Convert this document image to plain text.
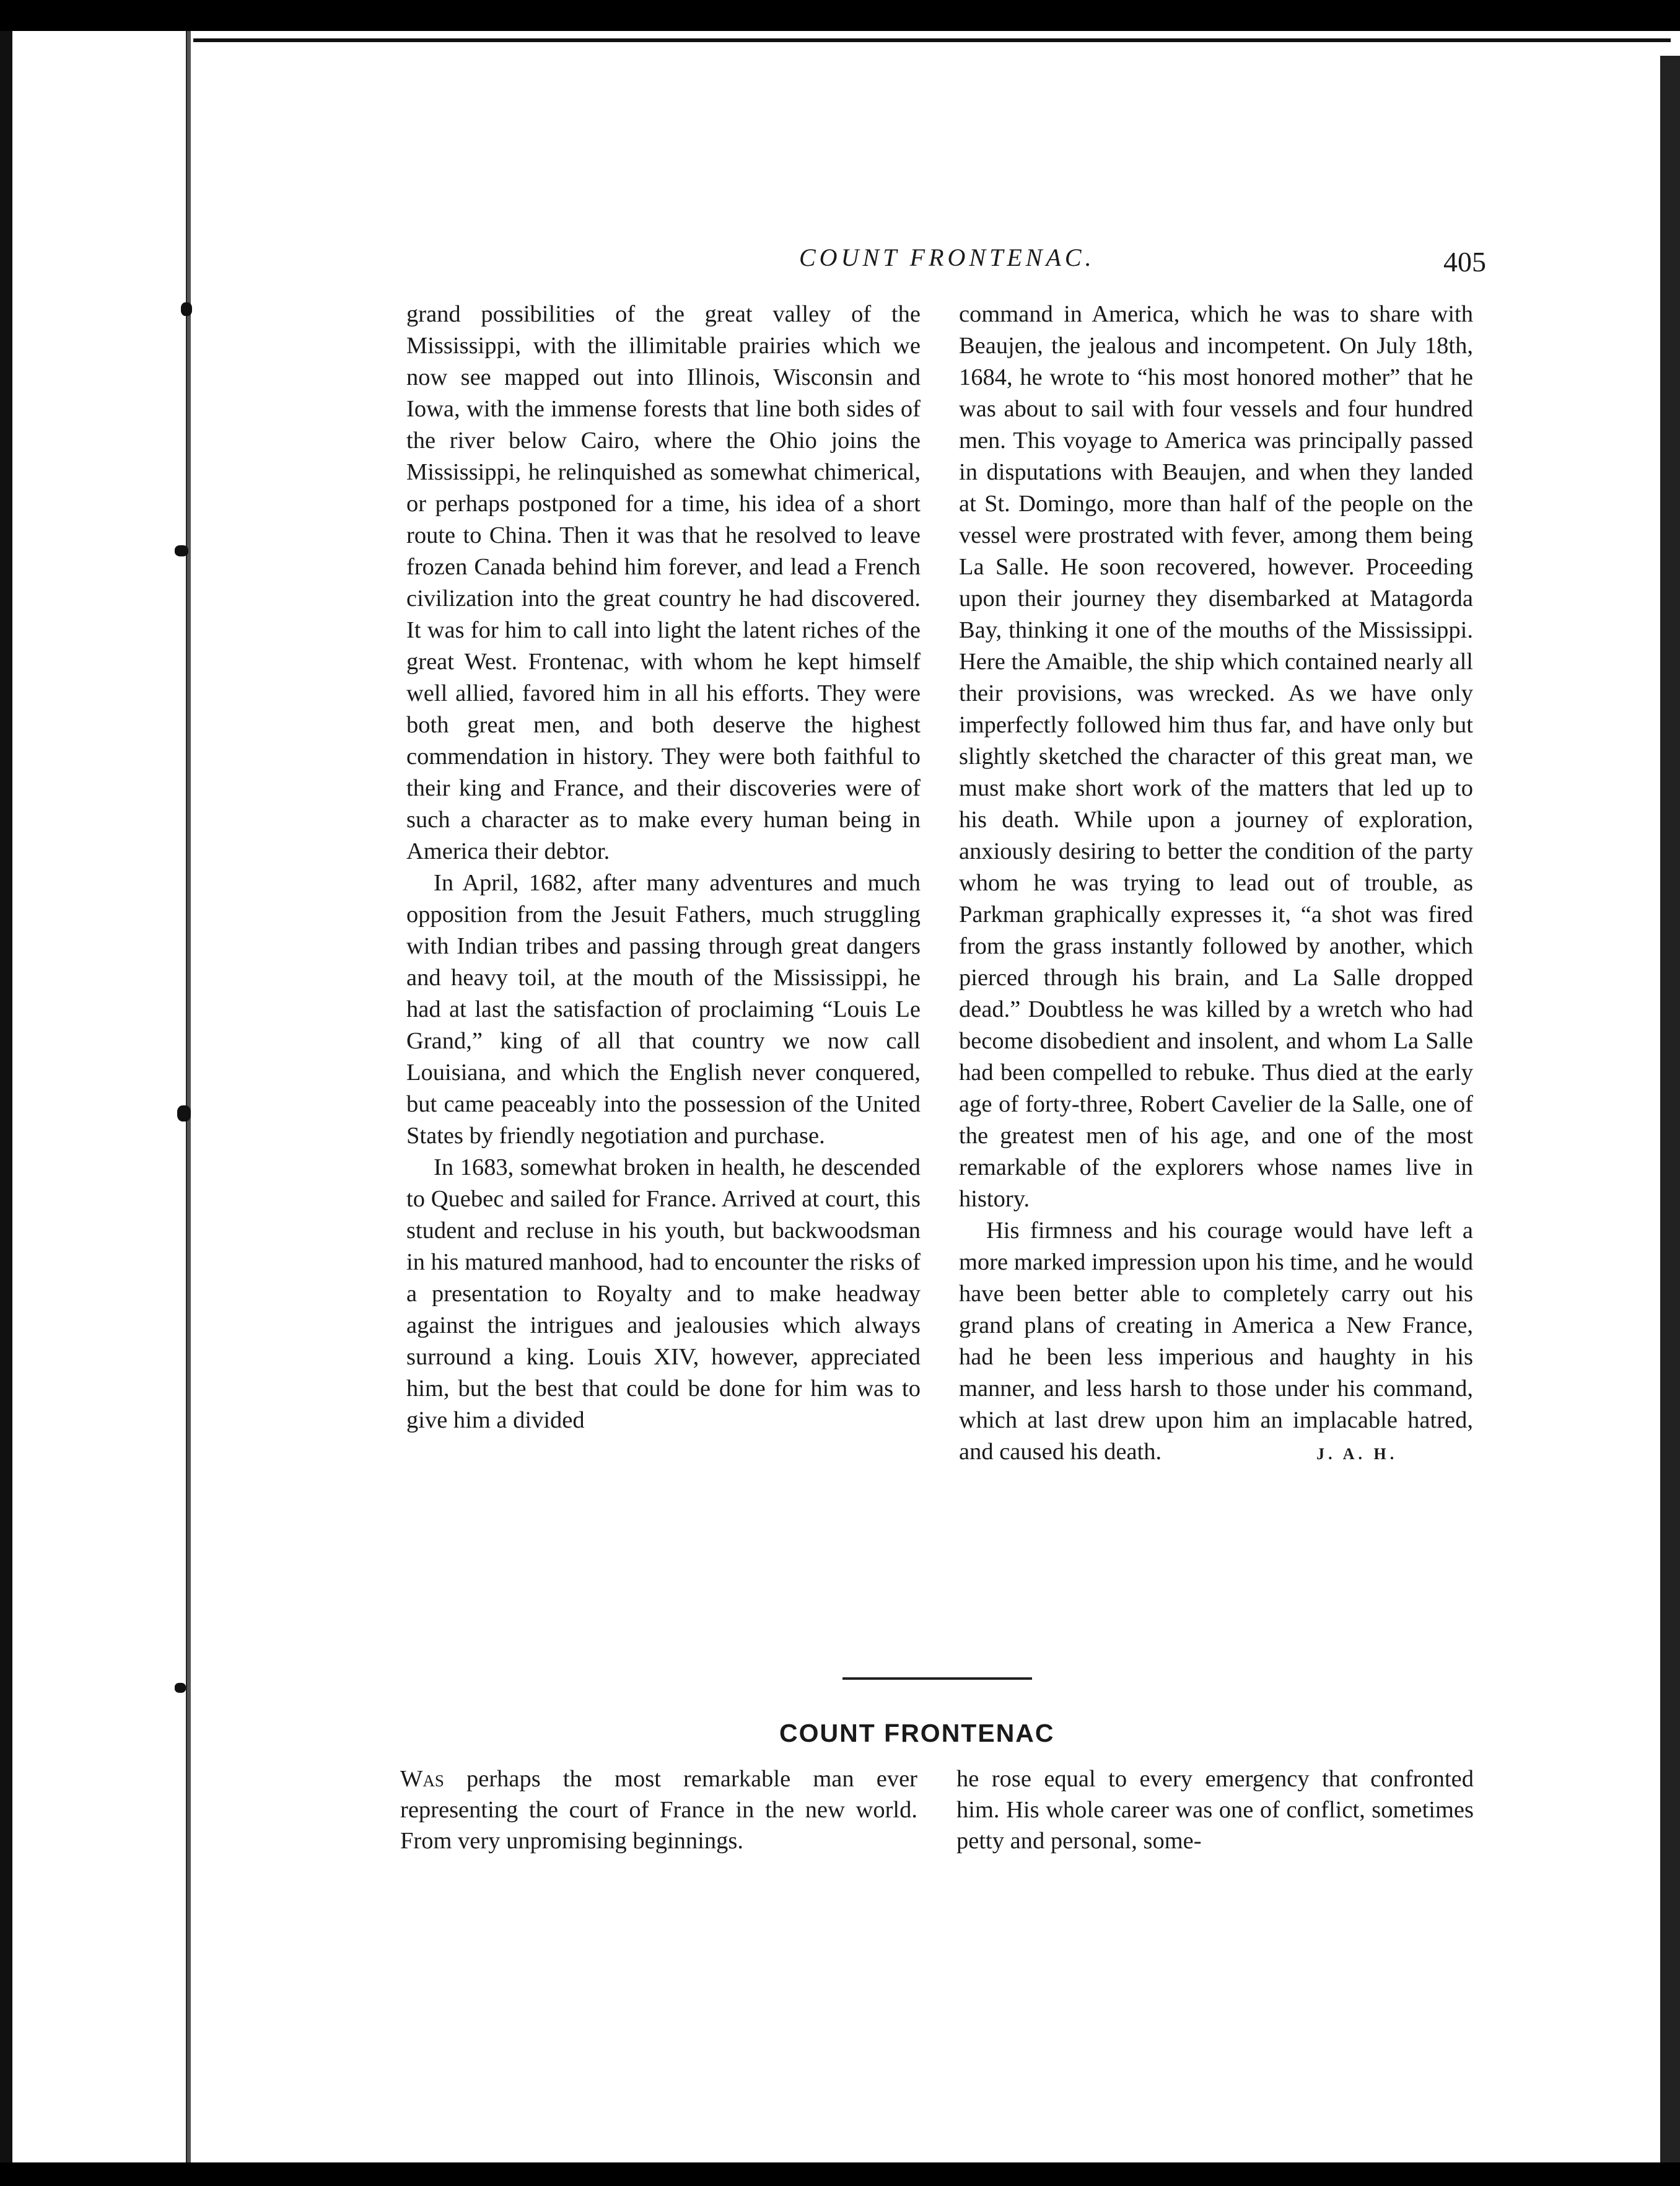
COUNT FRONTENAC.	405

grand possibilities of the great valley of the Mississippi, with the illimitable prairies which we now see mapped out into Illinois, Wisconsin and Iowa, with the immense forests that line both sides of the river below Cairo, where the Ohio joins the Mississippi, he relinquished as somewhat chimerical, or perhaps postponed for a time, his idea of a short route to China. Then it was that he resolved to leave frozen Canada behind him forever, and lead a French civilization into the great country he had discovered. It was for him to call into light the latent riches of the great West. Frontenac, with whom he kept himself well allied, favored him in all his efforts. They were both great men, and both deserve the highest commendation in history. They were both faithful to their king and France, and their discoveries were of such a character as to make every human being in America their debtor.

In April, 1682, after many adventures and much opposition from the Jesuit Fathers, much struggling with Indian tribes and passing through great dangers and heavy toil, at the mouth of the Mississippi, he had at last the satisfaction of proclaiming “Louis Le Grand,” king of all that country we now call Louisiana, and which the English never conquered, but came peaceably into the possession of the United States by friendly negotiation and purchase.

In 1683, somewhat broken in health, he descended to Quebec and sailed for France. Arrived at court, this student and recluse in his youth, but backwoodsman in his matured manhood, had to encounter the risks of a presentation to Royalty and to make headway against the intrigues and jealousies which always surround a king. Louis XIV, however, appreciated him, but the best that could be done for him was to give him a divided

command in America, which he was to share with Beaujen, the jealous and incompetent. On July 18th, 1684, he wrote to “his most honored mother” that he was about to sail with four vessels and four hundred men. This voyage to America was principally passed in disputations with Beaujen, and when they landed at St. Domingo, more than half of the people on the vessel were prostrated with fever, among them being La Salle. He soon recovered, however. Proceeding upon their journey they disembarked at Matagorda Bay, thinking it one of the mouths of the Mississippi. Here the Amaible, the ship which contained nearly all their provisions, was wrecked. As we have only imperfectly followed him thus far, and have only but slightly sketched the character of this great man, we must make short work of the matters that led up to his death. While upon a journey of exploration, anxiously desiring to better the condition of the party whom he was trying to lead out of trouble, as Parkman graphically expresses it, “a shot was fired from the grass instantly followed by another, which pierced through his brain, and La Salle dropped dead.” Doubtless he was killed by a wretch who had become disobedient and insolent, and whom La Salle had been compelled to rebuke. Thus died at the early age of forty-three, Robert Cavelier de la Salle, one of the greatest men of his age, and one of the most remarkable of the explorers whose names live in history.

His firmness and his courage would have left a more marked impression upon his time, and he would have been better able to completely carry out his grand plans of creating in America a New France, had he been less imperious and haughty in his manner, and less harsh to those under his command, which at last drew upon him an implacable hatred, and caused his death.	J. A. H.

COUNT FRONTENAC

Was perhaps the most remarkable man ever representing the court of France in the new world. From very unpromising beginnings.

he rose equal to every emergency that confronted him. His whole career was one of conflict, sometimes petty and personal, some-
